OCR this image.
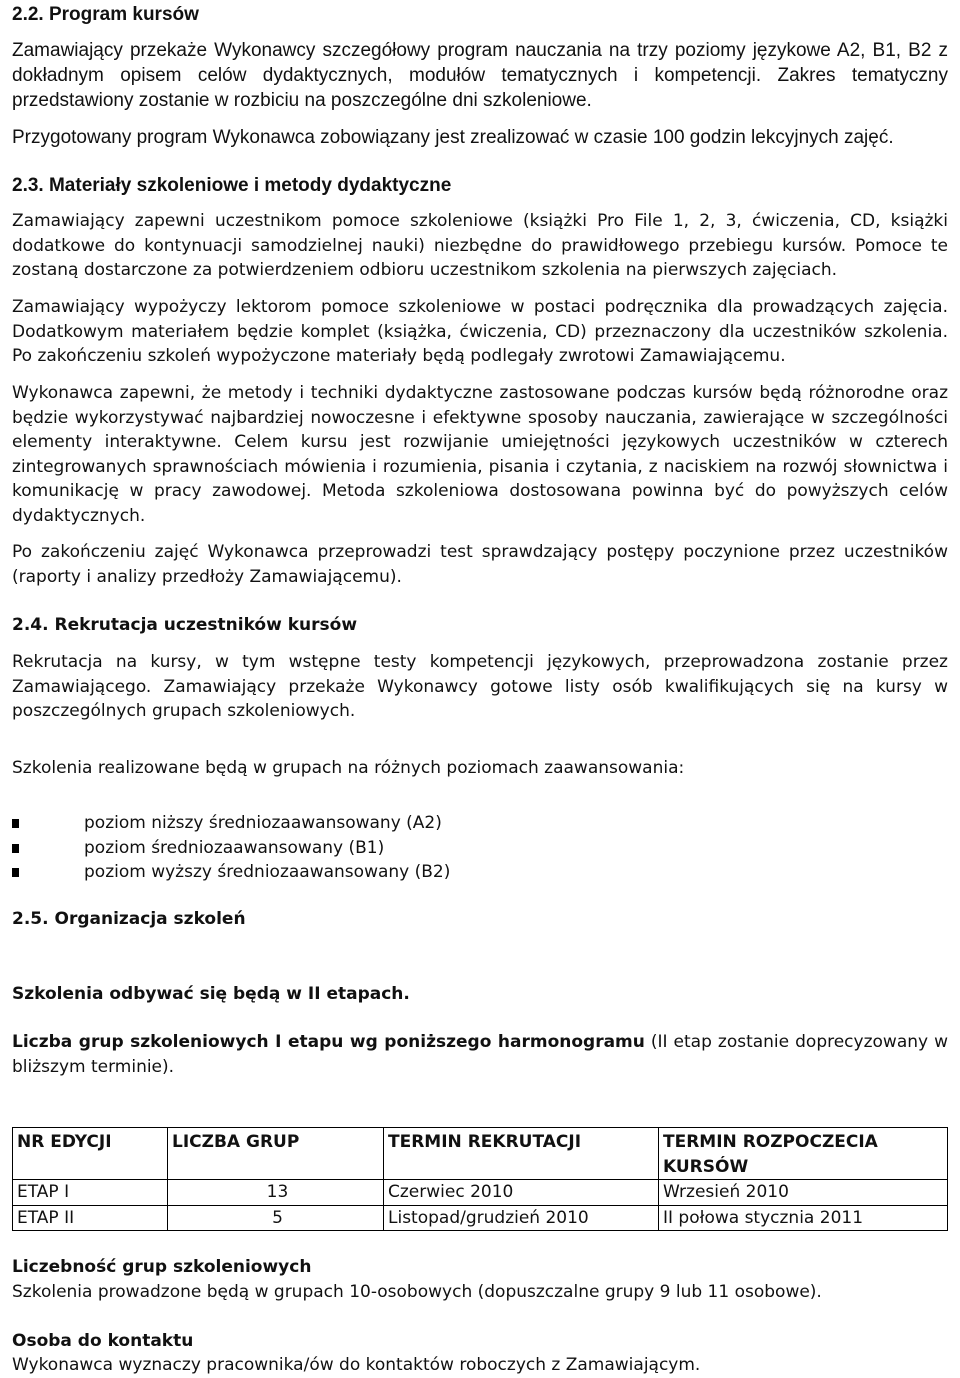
2.2. Program kursów

Zamawiający przekaże Wykonawcy szczegółowy program nauczania na trzy poziomy językowe A2, B1, B2 z dokładnym opisem celów dydaktycznych, modułów tematycznych i kompetencji. Zakres tematyczny przedstawiony zostanie w rozbiciu na poszczególne dni szkoleniowe.

Przygotowany program Wykonawca zobowiązany jest zrealizować w czasie 100 godzin lekcyjnych zajęć.

2.3. Materiały szkoleniowe i metody dydaktyczne

Zamawiający zapewni uczestnikom pomoce szkoleniowe (książki Pro File 1, 2, 3, ćwiczenia, CD, książki dodatkowe do kontynuacji samodzielnej nauki) niezbędne do prawidłowego przebiegu kursów. Pomoce te zostaną dostarczone za potwierdzeniem odbioru uczestnikom szkolenia na pierwszych zajęciach.

Zamawiający wypożyczy lektorom pomoce szkoleniowe w postaci podręcznika dla prowadzących zajęcia. Dodatkowym materiałem będzie komplet (książka, ćwiczenia, CD) przeznaczony dla uczestników szkolenia. Po zakończeniu szkoleń wypożyczone materiały będą podlegały zwrotowi Zamawiającemu.

Wykonawca zapewni, że metody i techniki dydaktyczne zastosowane podczas kursów będą różnorodne oraz będzie wykorzystywać najbardziej nowoczesne i efektywne sposoby nauczania, zawierające w szczególności elementy interaktywne. Celem kursu jest rozwijanie umiejętności językowych uczestników w czterech zintegrowanych sprawnościach mówienia i rozumienia, pisania i czytania, z naciskiem na rozwój słownictwa i komunikację w pracy zawodowej. Metoda szkoleniowa dostosowana powinna być do powyższych celów dydaktycznych.

Po zakończeniu zajęć Wykonawca przeprowadzi test sprawdzający postępy poczynione przez uczestników (raporty i analizy przedłoży Zamawiającemu).

2.4. Rekrutacja uczestników kursów

Rekrutacja na kursy, w tym wstępne testy kompetencji językowych, przeprowadzona zostanie przez Zamawiającego. Zamawiający przekaże Wykonawcy gotowe listy osób kwalifikujących się na kursy w poszczególnych grupach szkoleniowych.

Szkolenia realizowane będą w grupach na różnych poziomach zaawansowania:

poziom niższy średniozaawansowany (A2)
poziom średniozaawansowany (B1)
poziom wyższy średniozaawansowany (B2)

2.5. Organizacja szkoleń

Szkolenia odbywać się będą w II etapach.

Liczba grup szkoleniowych I etapu wg poniższego harmonogramu (II etap zostanie doprecyzowany w bliższym terminie).

NR EDYCJI	LICZBA GRUP	TERMIN REKRUTACJI	TERMIN ROZPOCZECIA KURSÓW
ETAP I	13	Czerwiec 2010	Wrzesień 2010
ETAP II	5	Listopad/grudzień 2010	II połowa stycznia 2011

Liczebność grup szkoleniowych

Szkolenia prowadzone będą w grupach 10-osobowych (dopuszczalne grupy 9 lub 11 osobowe).

Osoba do kontaktu

Wykonawca wyznaczy pracownika/ów do kontaktów roboczych z Zamawiającym.
